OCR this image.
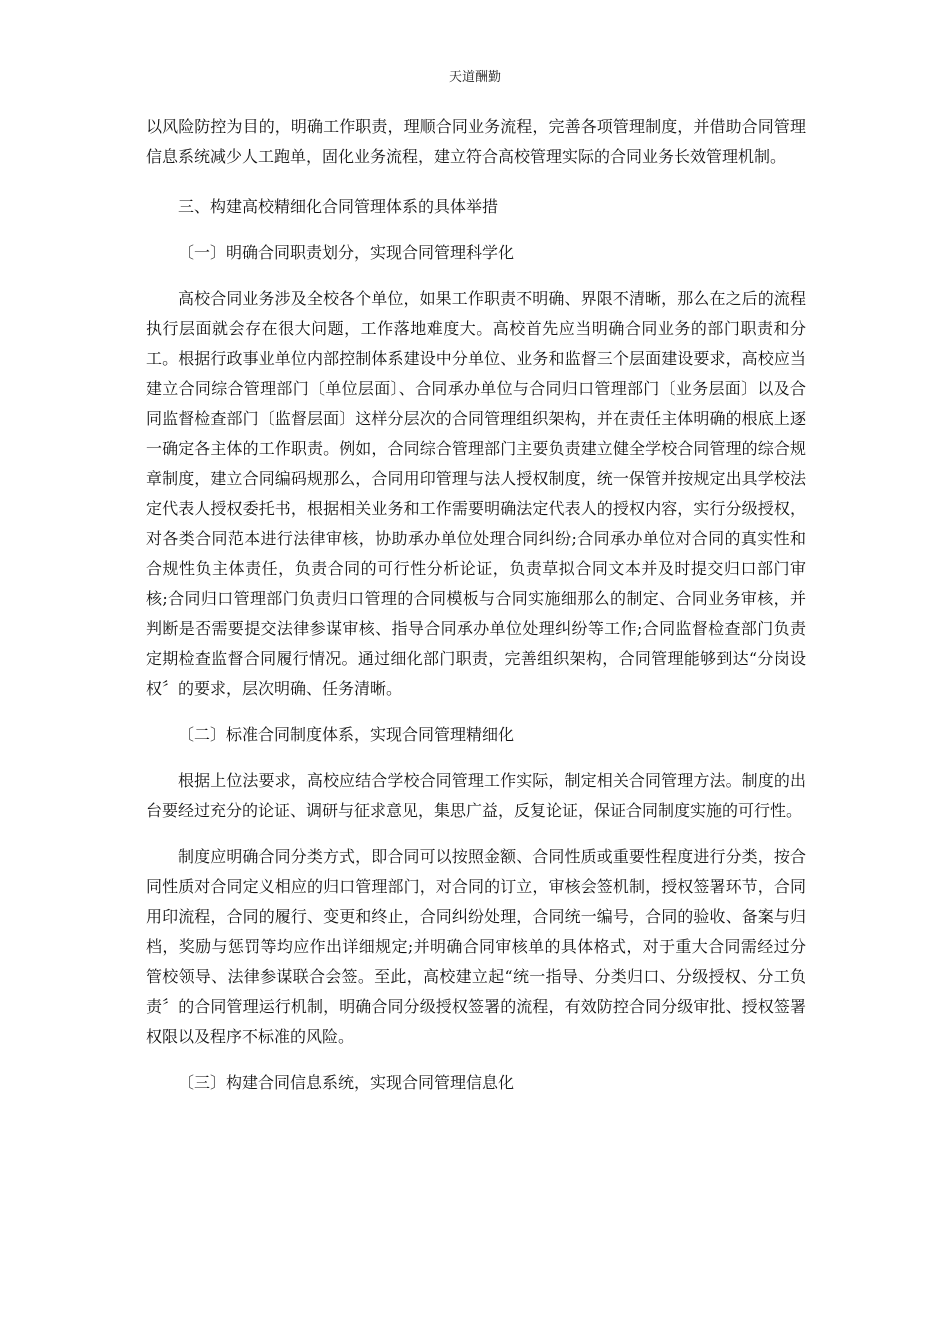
天道酬勤

以风险防控为目的，明确工作职责，理顺合同业务流程，完善各项管理制度，并借助合同管理信息系统减少人工跑单，固化业务流程，建立符合高校管理实际的合同业务长效管理机制。

三、构建高校精细化合同管理体系的具体举措

〔一〕明确合同职责划分，实现合同管理科学化

高校合同业务涉及全校各个单位，如果工作职责不明确、界限不清晰，那么在之后的流程执行层面就会存在很大问题，工作落地难度大。高校首先应当明确合同业务的部门职责和分工。根据行政事业单位内部控制体系建设中分单位、业务和监督三个层面建设要求，高校应当建立合同综合管理部门〔单位层面〕、合同承办单位与合同归口管理部门〔业务层面〕以及合同监督检查部门〔监督层面〕这样分层次的合同管理组织架构，并在责任主体明确的根底上逐一确定各主体的工作职责。例如，合同综合管理部门主要负责建立健全学校合同管理的综合规章制度，建立合同编码规那么，合同用印管理与法人授权制度，统一保管并按规定出具学校法定代表人授权委托书，根据相关业务和工作需要明确法定代表人的授权内容，实行分级授权，对各类合同范本进行法律审核，协助承办单位处理合同纠纷;合同承办单位对合同的真实性和合规性负主体责任，负责合同的可行性分析论证，负责草拟合同文本并及时提交归口部门审核;合同归口管理部门负责归口管理的合同模板与合同实施细那么的制定、合同业务审核，并判断是否需要提交法律参谋审核、指导合同承办单位处理纠纷等工作;合同监督检查部门负责定期检查监督合同履行情况。通过细化部门职责，完善组织架构，合同管理能够到达“分岗设权〞的要求，层次明确、任务清晰。

〔二〕标准合同制度体系，实现合同管理精细化

根据上位法要求，高校应结合学校合同管理工作实际，制定相关合同管理方法。制度的出台要经过充分的论证、调研与征求意见，集思广益，反复论证，保证合同制度实施的可行性。

制度应明确合同分类方式，即合同可以按照金额、合同性质或重要性程度进行分类，按合同性质对合同定义相应的归口管理部门，对合同的订立，审核会签机制，授权签署环节，合同用印流程，合同的履行、变更和终止，合同纠纷处理，合同统一编号，合同的验收、备案与归档，奖励与惩罚等均应作出详细规定;并明确合同审核单的具体格式，对于重大合同需经过分管校领导、法律参谋联合会签。至此，高校建立起“统一指导、分类归口、分级授权、分工负责〞的合同管理运行机制，明确合同分级授权签署的流程，有效防控合同分级审批、授权签署权限以及程序不标准的风险。

〔三〕构建合同信息系统，实现合同管理信息化
